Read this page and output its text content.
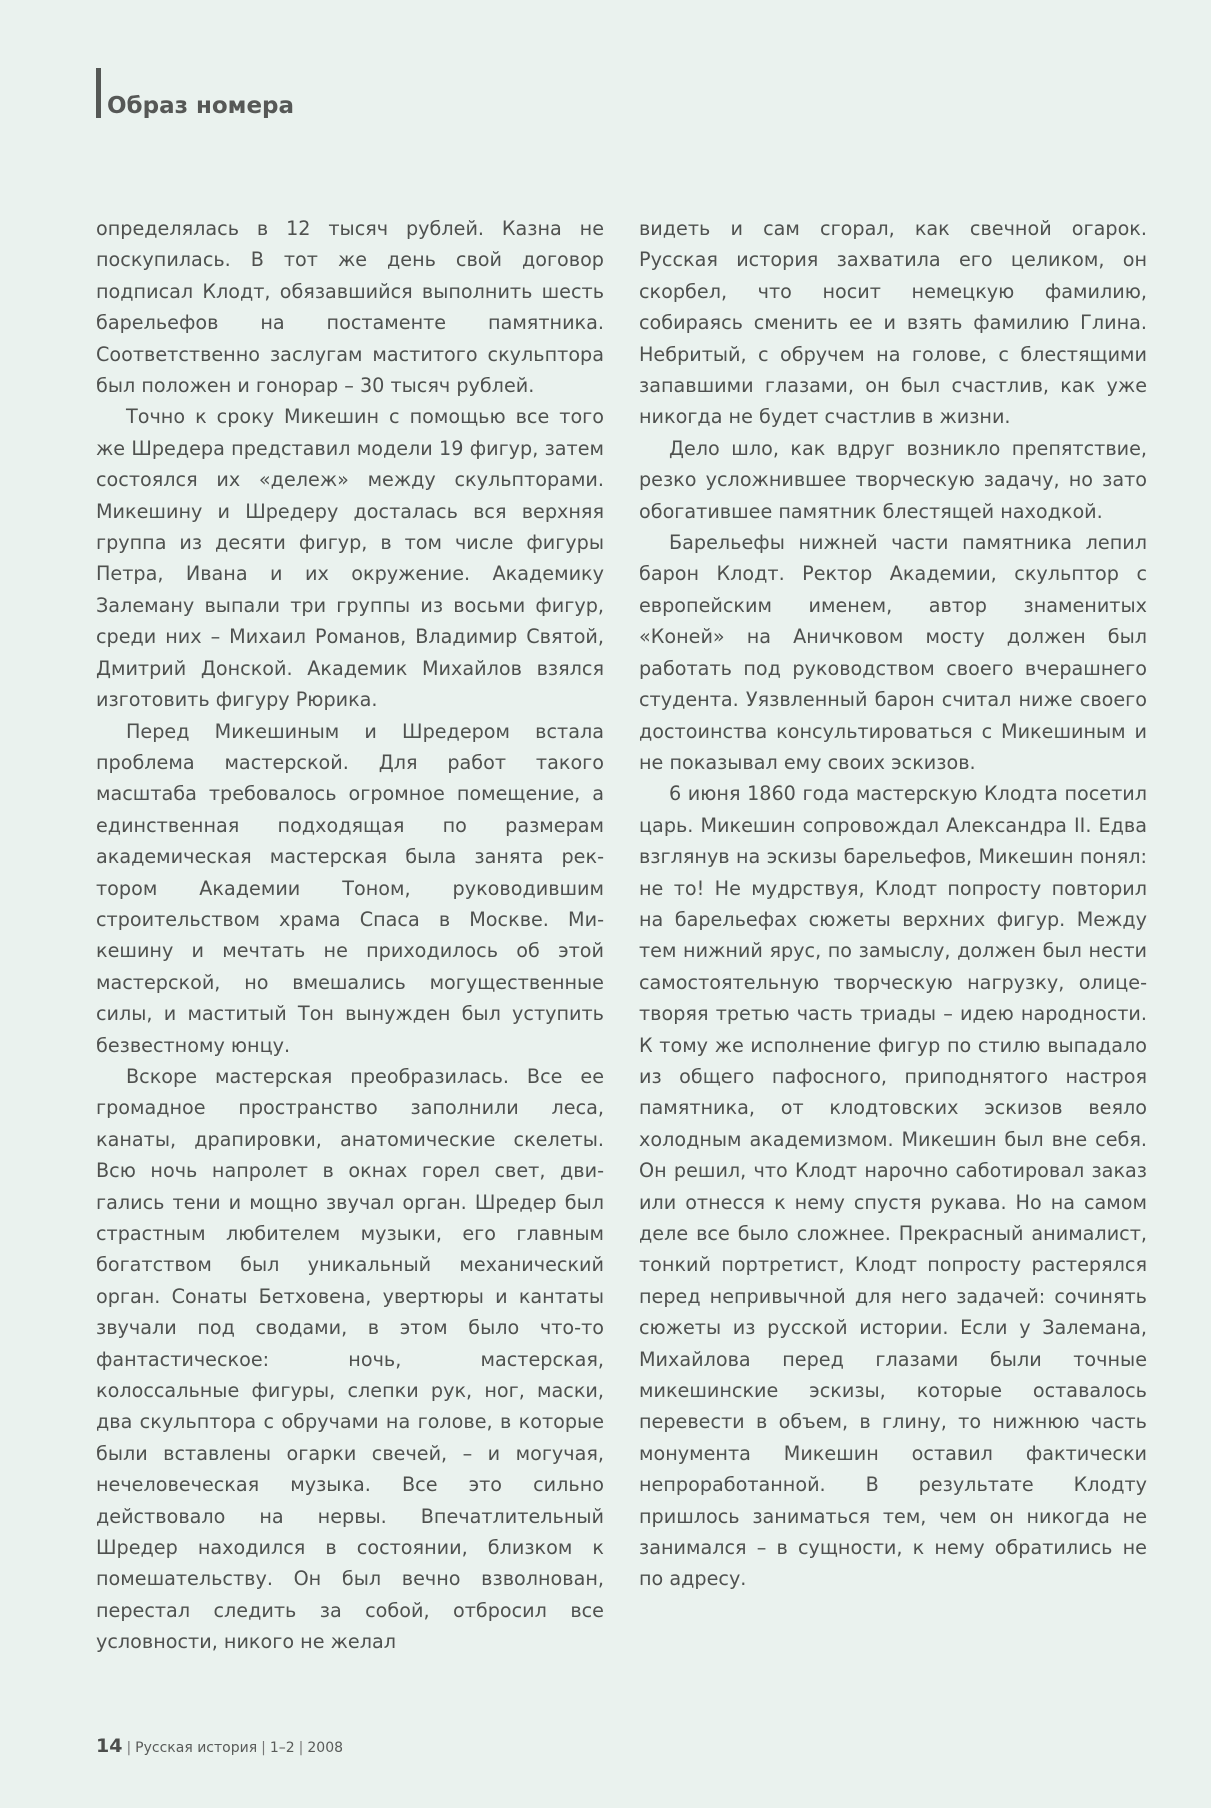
Образ номера

определялась в 12 тысяч рублей. Казна не поскупилась. В тот же день свой договор подписал Клодт, обязавшийся выполнить шесть барельефов на постаменте памятника. Соответственно заслугам маститого скульптора был положен и гонорар – 30 тысяч рублей.

Точно к сроку Микешин с помощью все того же Шредера представил модели 19 фигур, затем состоялся их «дележ» между скульпторами. Микешину и Шредеру досталась вся верхняя группа из десяти фигур, в том числе фигуры Петра, Ивана и их окружение. Академику Залеману выпали три группы из восьми фигур, среди них – Михаил Романов, Владимир Святой, Дмитрий Донской. Академик Михайлов взялся изготовить фигуру Рюрика.

Перед Микешиным и Шредером встала проблема мастерской. Для работ такого масштаба требовалось огромное помещение, а единственная подходящая по размерам академическая мастерская была занята ректором Академии Тоном, руководившим строительством храма Спаса в Москве. Микешину и мечтать не приходилось об этой мастерской, но вмешались могущественные силы, и маститый Тон вынужден был уступить безвестному юнцу.

Вскоре мастерская преобразилась. Все ее громадное пространство заполнили леса, канаты, драпировки, анатомические скелеты. Всю ночь напролет в окнах горел свет, двигались тени и мощно звучал орган. Шредер был страстным любителем музыки, его главным богатством был уникальный механический орган. Сонаты Бетховена, увертюры и кантаты звучали под сводами, в этом было что-то фантастическое: ночь, мастерская, колоссальные фигуры, слепки рук, ног, маски, два скульптора с обручами на голове, в которые были вставлены огарки свечей, – и могучая, нечеловеческая музыка. Все это сильно действовало на нервы. Впечатлительный Шредер находился в состоянии, близком к помешательству. Он был вечно взволнован, перестал следить за собой, отбросил все условности, никого не желал

видеть и сам сгорал, как свечной огарок. Русская история захватила его целиком, он скорбел, что носит немецкую фамилию, собираясь сменить ее и взять фамилию Глина. Небритый, с обручем на голове, с блестящими запавшими глазами, он был счастлив, как уже никогда не будет счастлив в жизни.

Дело шло, как вдруг возникло препятствие, резко усложнившее творческую задачу, но зато обогатившее памятник блестящей находкой.

Барельефы нижней части памятника лепил барон Клодт. Ректор Академии, скульптор с европейским именем, автор знаменитых «Коней» на Аничковом мосту должен был работать под руководством своего вчерашнего студента. Уязвленный барон считал ниже своего достоинства консультироваться с Микешиным и не показывал ему своих эскизов.

6 июня 1860 года мастерскую Клодта посетил царь. Микешин сопровождал Александра II. Едва взглянув на эскизы барельефов, Микешин понял: не то! Не мудрствуя, Клодт попросту повторил на барельефах сюжеты верхних фигур. Между тем нижний ярус, по замыслу, должен был нести самостоятельную творческую нагрузку, олицетворяя третью часть триады – идею народности. К тому же исполнение фигур по стилю выпадало из общего пафосного, приподнятого настроя памятника, от клодтовских эскизов веяло холодным академизмом. Микешин был вне себя. Он решил, что Клодт нарочно саботировал заказ или отнесся к нему спустя рукава. Но на самом деле все было сложнее. Прекрасный анималист, тонкий портретист, Клодт попросту растерялся перед непривычной для него задачей: сочинять сюжеты из русской истории. Если у Залемана, Михайлова перед глазами были точные микешинские эскизы, которые оставалось перевести в объем, в глину, то нижнюю часть монумента Микешин оставил фактически непроработанной. В результате Клодту пришлось заниматься тем, чем он никогда не занимался – в сущности, к нему обратились не по адресу.

14 | Русская история | 1–2 | 2008
